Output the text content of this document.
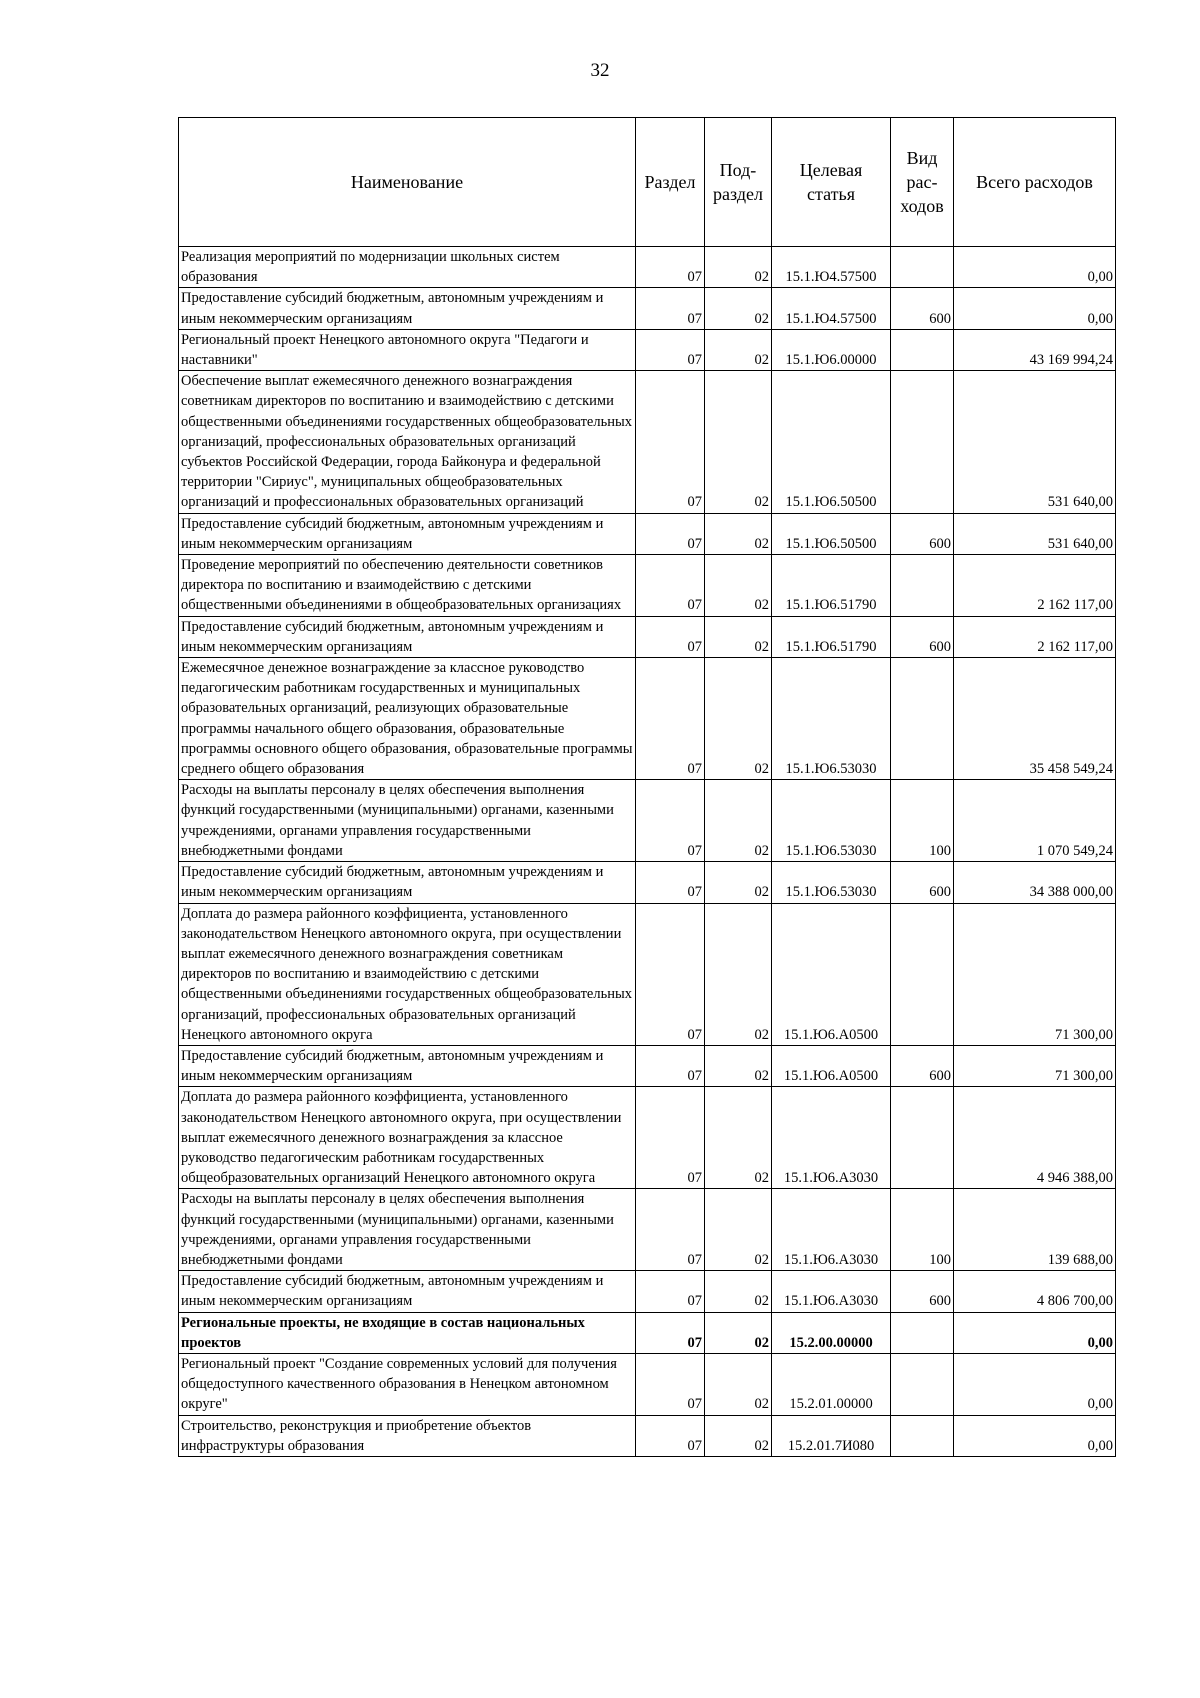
32
Наименование	Раздел	Под-раздел	Целевая статья	Вид рас-ходов	Всего расходов
Реализация мероприятий по модернизации школьных систем образования	07	02	15.1.Ю4.57500		0,00
Предоставление субсидий бюджетным, автономным учреждениям и иным некоммерческим организациям	07	02	15.1.Ю4.57500	600	0,00
Региональный проект Ненецкого автономного округа "Педагоги и наставники"	07	02	15.1.Ю6.00000		43 169 994,24
Обеспечение выплат ежемесячного денежного вознаграждения советникам директоров по воспитанию и взаимодействию с детскими общественными объединениями государственных общеобразовательных организаций, профессиональных образовательных организаций субъектов Российской Федерации, города Байконура и федеральной территории "Сириус", муниципальных общеобразовательных организаций и профессиональных образовательных организаций	07	02	15.1.Ю6.50500		531 640,00
Предоставление субсидий бюджетным, автономным учреждениям и иным некоммерческим организациям	07	02	15.1.Ю6.50500	600	531 640,00
Проведение мероприятий по обеспечению деятельности советников директора по воспитанию и взаимодействию с детскими общественными объединениями в общеобразовательных организациях	07	02	15.1.Ю6.51790		2 162 117,00
Предоставление субсидий бюджетным, автономным учреждениям и иным некоммерческим организациям	07	02	15.1.Ю6.51790	600	2 162 117,00
Ежемесячное денежное вознаграждение за классное руководство педагогическим работникам государственных и муниципальных образовательных организаций, реализующих образовательные программы начального общего образования, образовательные программы основного общего образования, образовательные программы среднего общего образования	07	02	15.1.Ю6.53030		35 458 549,24
Расходы на выплаты персоналу в целях обеспечения выполнения функций государственными (муниципальными) органами, казенными учреждениями, органами управления государственными внебюджетными фондами	07	02	15.1.Ю6.53030	100	1 070 549,24
Предоставление субсидий бюджетным, автономным учреждениям и иным некоммерческим организациям	07	02	15.1.Ю6.53030	600	34 388 000,00
Доплата до размера районного коэффициента, установленного законодательством Ненецкого автономного округа, при осуществлении выплат ежемесячного денежного вознаграждения советникам директоров по воспитанию и взаимодействию с детскими общественными объединениями государственных общеобразовательных организаций, профессиональных образовательных организаций Ненецкого автономного округа	07	02	15.1.Ю6.А0500		71 300,00
Предоставление субсидий бюджетным, автономным учреждениям и иным некоммерческим организациям	07	02	15.1.Ю6.А0500	600	71 300,00
Доплата до размера районного коэффициента, установленного законодательством Ненецкого автономного округа, при осуществлении выплат ежемесячного денежного вознаграждения за классное руководство педагогическим работникам государственных общеобразовательных организаций Ненецкого автономного округа	07	02	15.1.Ю6.А3030		4 946 388,00
Расходы на выплаты персоналу в целях обеспечения выполнения функций государственными (муниципальными) органами, казенными учреждениями, органами управления государственными внебюджетными фондами	07	02	15.1.Ю6.А3030	100	139 688,00
Предоставление субсидий бюджетным, автономным учреждениям и иным некоммерческим организациям	07	02	15.1.Ю6.А3030	600	4 806 700,00
Региональные проекты, не входящие в состав национальных проектов	07	02	15.2.00.00000		0,00
Региональный проект "Создание современных условий для получения общедоступного качественного образования в Ненецком автономном округе"	07	02	15.2.01.00000		0,00
Строительство, реконструкция и приобретение объектов инфраструктуры образования	07	02	15.2.01.7И080		0,00
